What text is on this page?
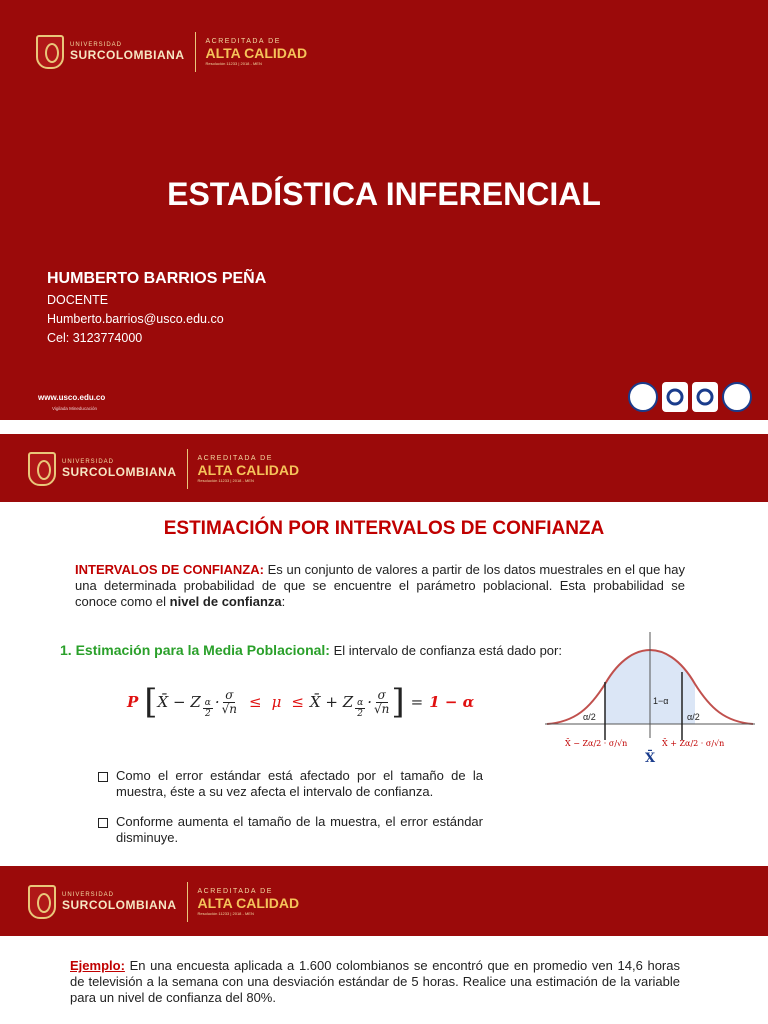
UNIVERSIDAD
SURCOLOMBIANA
ACREDITADA DE
ALTA CALIDAD
Resolución 11233 | 2018 - MEN
ESTADÍSTICA INFERENCIAL
HUMBERTO BARRIOS PEÑA
DOCENTE
Humberto.barrios@usco.edu.co
Cel: 3123774000
www.usco.edu.co
Vigilada Mineducación
UNIVERSIDAD
SURCOLOMBIANA
ACREDITADA DE
ALTA CALIDAD
Resolución 11233 | 2018 - MEN
ESTIMACIÓN POR INTERVALOS DE CONFIANZA
INTERVALOS DE CONFIANZA: Es un conjunto de valores a partir de los datos muestrales en el que hay una determinada probabilidad de que se encuentre el parámetro poblacional. Esta probabilidad se conoce como el nivel de confianza:
1. Estimación para la Media Poblacional: El intervalo de confianza está dado por:
P [ X̄ − Z $\frac{\alpha}{2} \cdot \frac{\sigma}{√n} \le \mu$ ≤ X̄ + Z $\frac{\alpha}{2} \cdot \frac{\sigma}{√n}$ ] = 1 − α
α/2
1−α
α/2
X̄ − Zα/2 · σ/√n	X̄ + Zα/2 · σ/√n
X̄
Como el error estándar está afectado por el tamaño de la muestra, éste a su vez afecta el intervalo de confianza.
Conforme aumenta el tamaño de la muestra, el error estándar disminuye.
UNIVERSIDAD
SURCOLOMBIANA
ACREDITADA DE
ALTA CALIDAD
Resolución 11233 | 2018 - MEN
Ejemplo: En una encuesta aplicada a 1.600 colombianos se encontró que en promedio ven 14,6 horas de televisión a la semana con una desviación estándar de 5 horas. Realice una estimación de la variable para un nivel de confianza del 80%.
